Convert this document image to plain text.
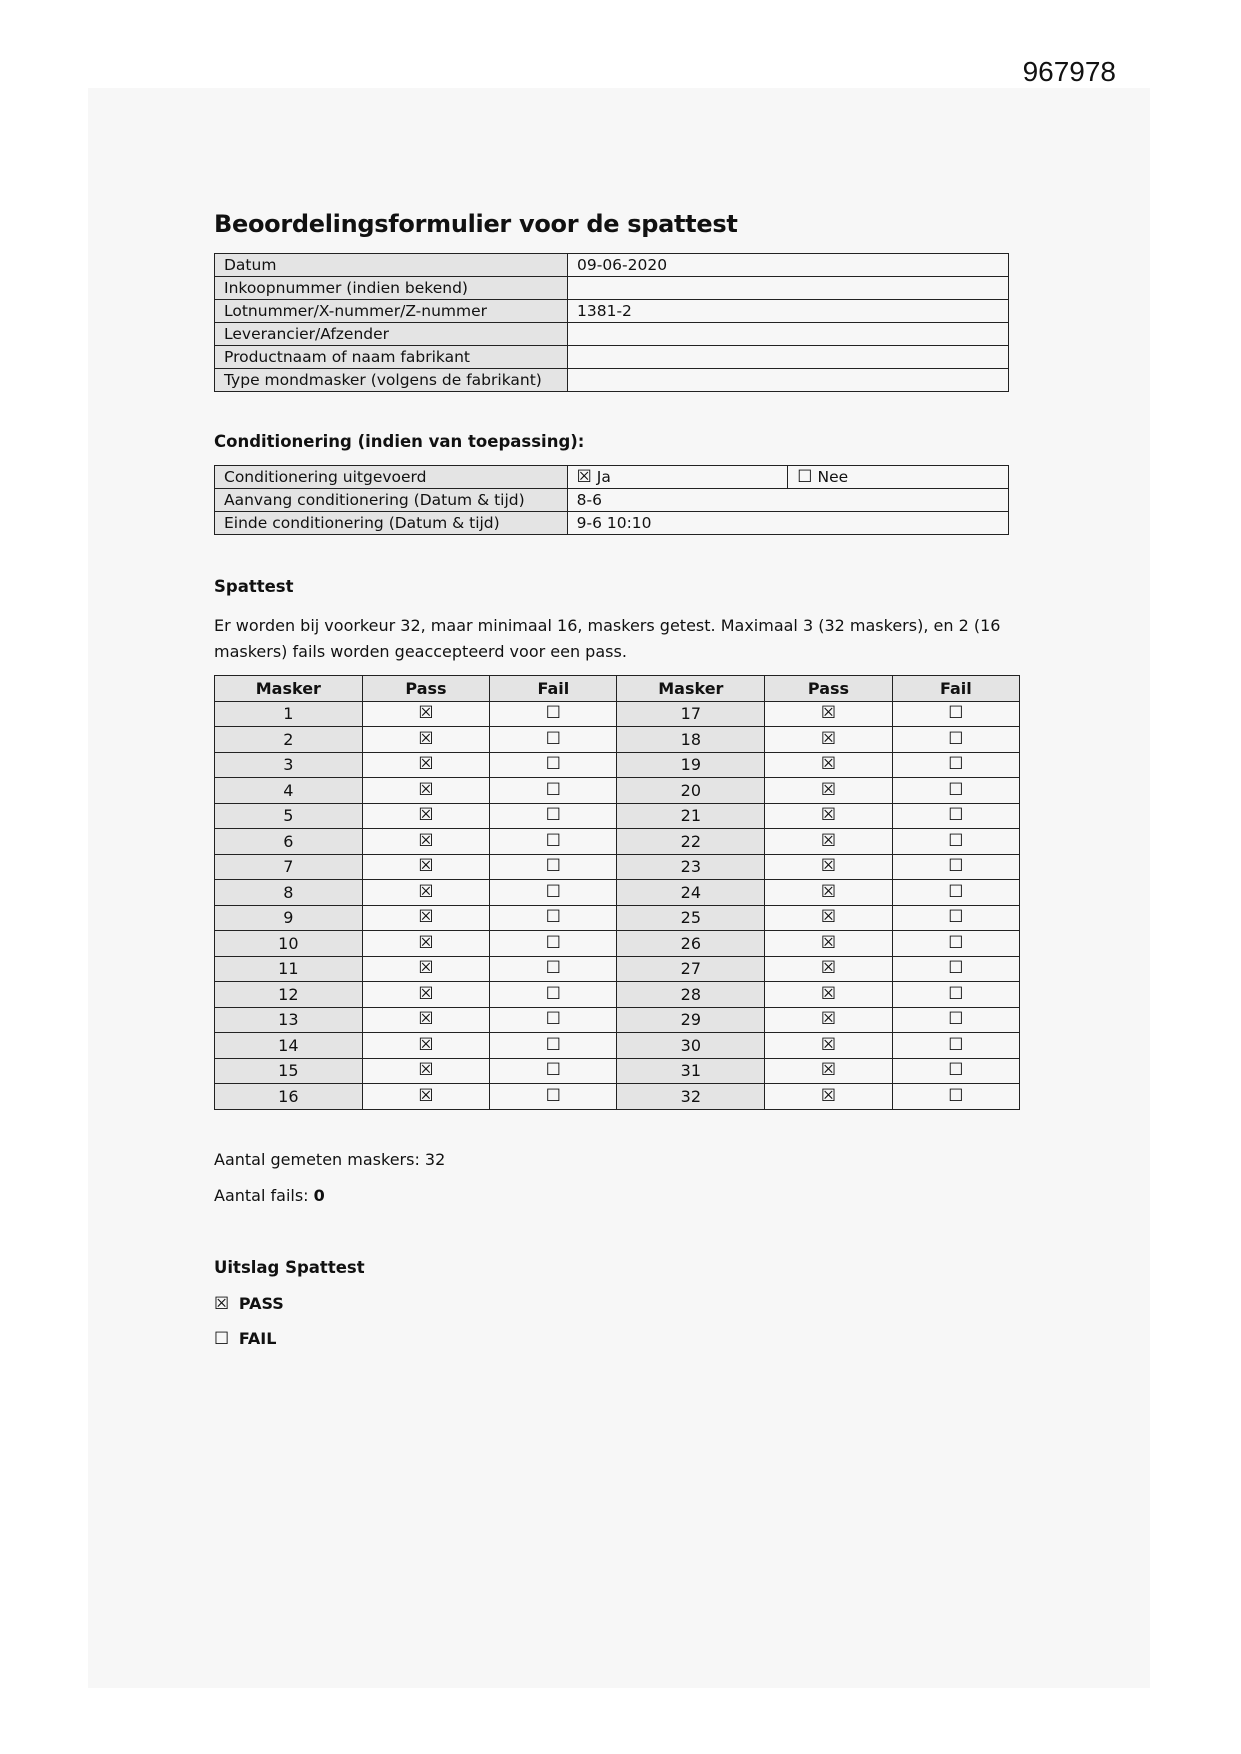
967978
Beoordelingsformulier voor de spattest
Datum	09-06-2020
Inkoopnummer (indien bekend)	
Lotnummer/X-nummer/Z-nummer	1381-2
Leverancier/Afzender	
Productnaam of naam fabrikant	
Type mondmasker (volgens de fabrikant)	
Conditionering (indien van toepassing):
Conditionering uitgevoerd	☒ Ja	☐ Nee
Aanvang conditionering (Datum & tijd)	8-6	
Einde conditionering (Datum & tijd)	9-6 10:10	
Spattest

Er worden bij voorkeur 32, maar minimaal 16, maskers getest. Maximaal 3 (32 maskers), en 2 (16 maskers) fails worden geaccepteerd voor een pass.

Masker	Pass	Fail	Masker	Pass	Fail
1	☒	☐	17	☒	☐
2	☒	☐	18	☒	☐
3	☒	☐	19	☒	☐
4	☒	☐	20	☒	☐
5	☒	☐	21	☒	☐
6	☒	☐	22	☒	☐
7	☒	☐	23	☒	☐
8	☒	☐	24	☒	☐
9	☒	☐	25	☒	☐
10	☒	☐	26	☒	☐
11	☒	☐	27	☒	☐
12	☒	☐	28	☒	☐
13	☒	☐	29	☒	☐
14	☒	☐	30	☒	☐
15	☒	☐	31	☒	☐
16	☒	☐	32	☒	☐

Aantal gemeten maskers: 32

Aantal fails: 0

Uitslag Spattest
☒ PASS
☐ FAIL
